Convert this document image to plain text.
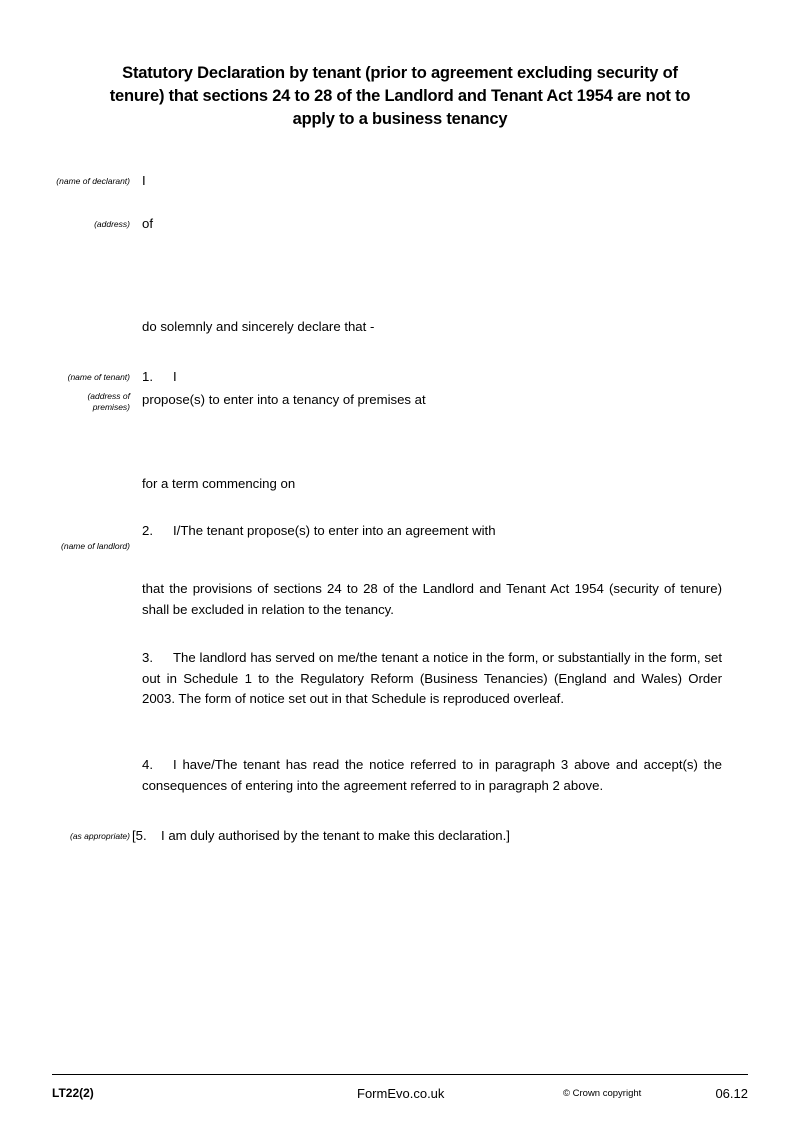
Statutory Declaration by tenant (prior to agreement excluding security of tenure) that sections 24 to 28 of the Landlord and Tenant Act 1954 are not to apply to a business tenancy
(name of declarant) I
(address) of
do solemnly and sincerely declare that -
(name of tenant) 1. I
(address of
premises) propose(s) to enter into a tenancy of premises at
for a term commencing on
2. I/The tenant propose(s) to enter into an agreement with
(name of landlord)
that the provisions of sections 24 to 28 of the Landlord and Tenant Act 1954 (security of tenure) shall be excluded in relation to the tenancy.
3. The landlord has served on me/the tenant a notice in the form, or substantially in the form, set out in Schedule 1 to the Regulatory Reform (Business Tenancies) (England and Wales) Order 2003. The form of notice set out in that Schedule is reproduced overleaf.
4. I have/The tenant has read the notice referred to in paragraph 3 above and accept(s) the consequences of entering into the agreement referred to in paragraph 2 above.
(as appropriate) [5. I am duly authorised by the tenant to make this declaration.]
LT22(2)	FormEvo.co.uk	© Crown copyright	06.12
